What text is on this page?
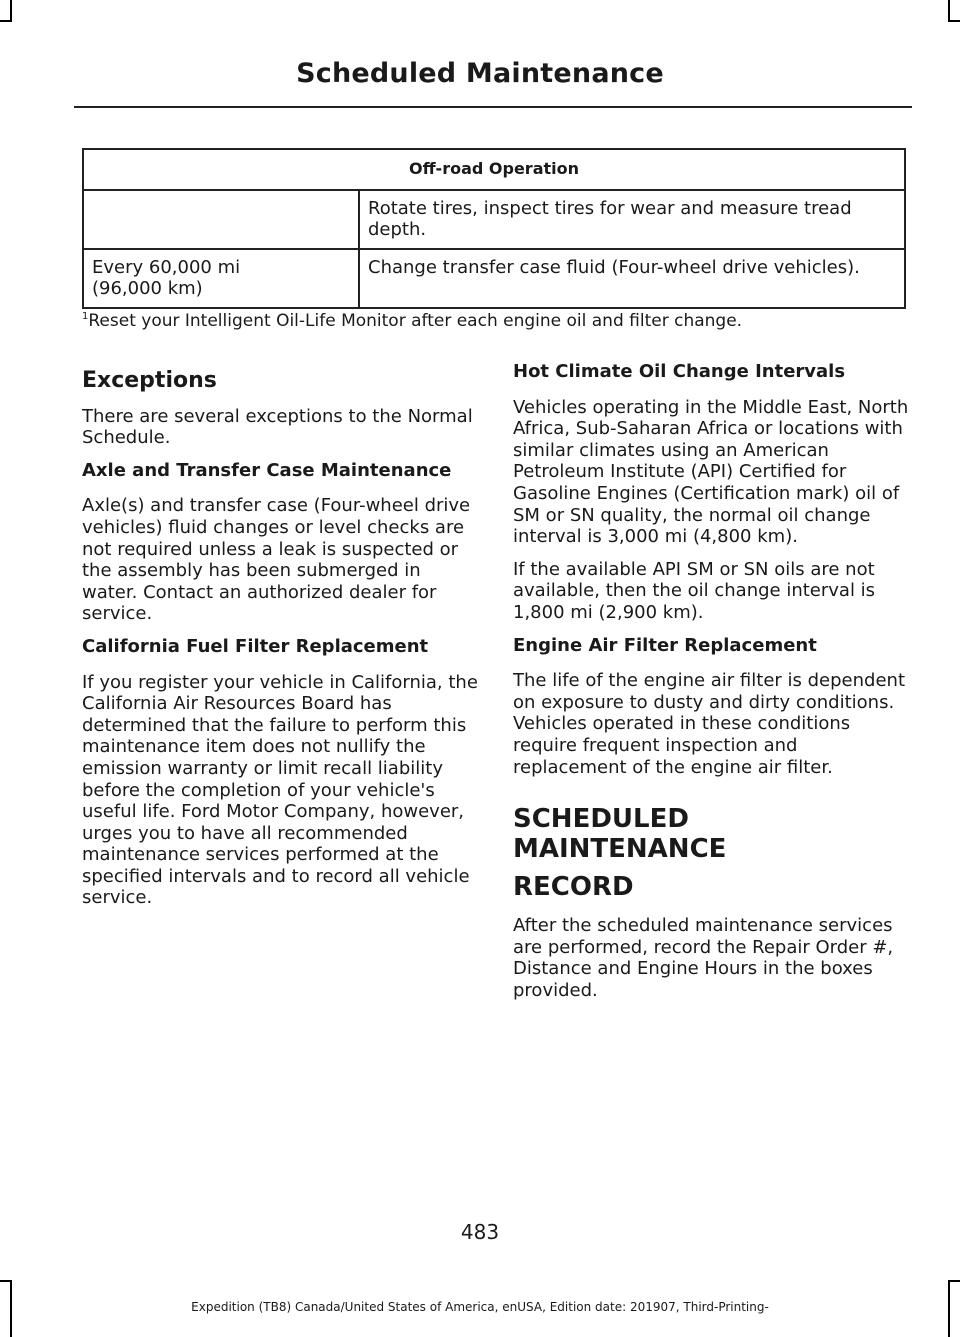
Scheduled Maintenance
Off-road Operation	
	Rotate tires, inspect tires for wear and measure tread depth.

Every 60,000 mi
(96,000 km)	Change transfer case fluid (Four-wheel drive vehicles).
$^1$Reset your Intelligent Oil-Life Monitor after each engine oil and filter change.
Exceptions

There are several exceptions to the Normal Schedule.

Axle and Transfer Case Maintenance

Axle(s) and transfer case (Four-wheel drive vehicles) fluid changes or level checks are not required unless a leak is suspected or the assembly has been submerged in water. Contact an authorized dealer for service.

California Fuel Filter Replacement

If you register your vehicle in California, the California Air Resources Board has determined that the failure to perform this maintenance item does not nullify the emission warranty or limit recall liability before the completion of your vehicle's useful life. Ford Motor Company, however, urges you to have all recommended maintenance services performed at the specified intervals and to record all vehicle service.

Hot Climate Oil Change Intervals

Vehicles operating in the Middle East, North Africa, Sub-Saharan Africa or locations with similar climates using an American Petroleum Institute (API) Certified for Gasoline Engines (Certification mark) oil of SM or SN quality, the normal oil change interval is 3,000 mi (4,800 km).

If the available API SM or SN oils are not available, then the oil change interval is 1,800 mi (2,900 km).

Engine Air Filter Replacement

The life of the engine air filter is dependent on exposure to dusty and dirty conditions. Vehicles operated in these conditions require frequent inspection and replacement of the engine air filter.

SCHEDULED MAINTENANCE
RECORD

After the scheduled maintenance services are performed, record the Repair Order #, Distance and Engine Hours in the boxes provided.

483
Expedition (TB8) Canada/United States of America, enUSA, Edition date: 201907, Third-Printing-
